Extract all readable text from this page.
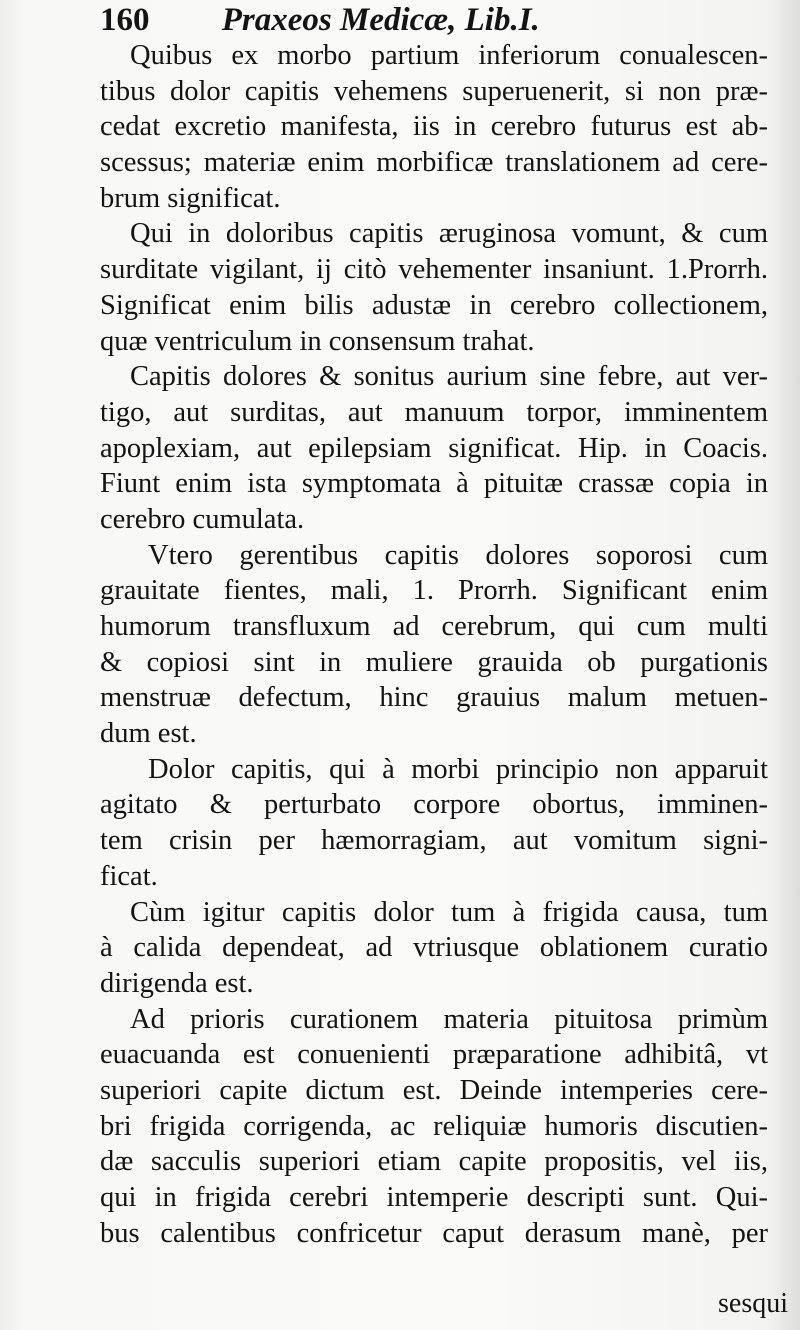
160 Praxeos Medicæ, Lib.I.
Quibus ex morbo partium inferiorum conualescen-
tibus dolor capitis vehemens superuenerit, si non præ-
cedat excretio manifesta, iis in cerebro futurus est ab-
scessus; materiæ enim morbificæ translationem ad cere-
brum significat.
Qui in doloribus capitis æruginosa vomunt, & cum
surditate vigilant, ij citò vehementer insaniunt. 1.Prorrh.
Significat enim bilis adustæ in cerebro collectionem,
quæ ventriculum in consensum trahat.
Capitis dolores & sonitus aurium sine febre, aut ver-
tigo, aut surditas, aut manuum torpor, imminentem
apoplexiam, aut epilepsiam significat. Hip. in Coacis.
Fiunt enim ista symptomata à pituitæ crassæ copia in
cerebro cumulata.
Vtero gerentibus capitis dolores soporosi cum
grauitate fientes, mali, 1. Prorrh. Significant enim
humorum transfluxum ad cerebrum, qui cum multi
& copiosi sint in muliere grauida ob purgationis
menstruæ defectum, hinc grauius malum metuen-
dum est.
Dolor capitis, qui à morbi principio non apparuit
agitato & perturbato corpore obortus, imminen-
tem crisin per hæmorragiam, aut vomitum signi-
ficat.
Cùm igitur capitis dolor tum à frigida causa, tum
à calida dependeat, ad vtriusque oblationem curatio
dirigenda est.
Ad prioris curationem materia pituitosa primùm
euacuanda est conuenienti præparatione adhibitâ, vt
superiori capite dictum est. Deinde intemperies cere-
bri frigida corrigenda, ac reliquiæ humoris discutien-
dæ sacculis superiori etiam capite propositis, vel iis,
qui in frigida cerebri intemperie descripti sunt. Qui-
bus calentibus confricetur caput derasum manè, per
sesqui
